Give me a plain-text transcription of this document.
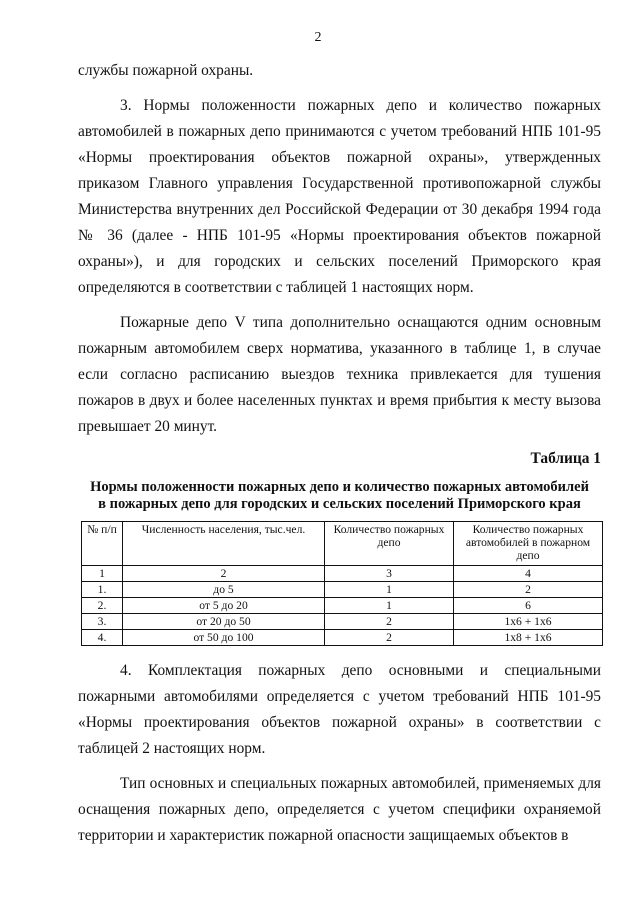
2

службы пожарной охраны.

3. Нормы положенности пожарных депо и количество пожарных автомобилей в пожарных депо принимаются с учетом требований НПБ 101-95 «Нормы проектирования объектов пожарной охраны», утвержденных приказом Главного управления Государственной противопожарной службы Министерства внутренних дел Российской Федерации от 30 декабря 1994 года № 36 (далее - НПБ 101-95 «Нормы проектирования объектов пожарной охраны»), и для городских и сельских поселений Приморского края определяются в соответствии с таблицей 1 настоящих норм.

Пожарные депо V типа дополнительно оснащаются одним основным пожарным автомобилем сверх норматива, указанного в таблице 1, в случае если согласно расписанию выездов техника привлекается для тушения пожаров в двух и более населенных пунктах и время прибытия к месту вызова превышает 20 минут.

Таблица 1
Нормы положенности пожарных депо и количество пожарных автомобилей
в пожарных депо для городских и сельских поселений Приморского края
№ п/п	Численность населения, тыс.чел.	Количество пожарных депо	Количество пожарных автомобилей в пожарном депо
1	2	3	4
1.	до 5	1	2
2.	от 5 до 20	1	6
3.	от 20 до 50	2	1х6 + 1х6
4.	от 50 до 100	2	1х8 + 1х6

4. Комплектация пожарных депо основными и специальными пожарными автомобилями определяется с учетом требований НПБ 101-95 «Нормы проектирования объектов пожарной охраны» в соответствии с таблицей 2 настоящих норм.

Тип основных и специальных пожарных автомобилей, применяемых для оснащения пожарных депо, определяется с учетом специфики охраняемой территории и характеристик пожарной опасности защищаемых объектов в
